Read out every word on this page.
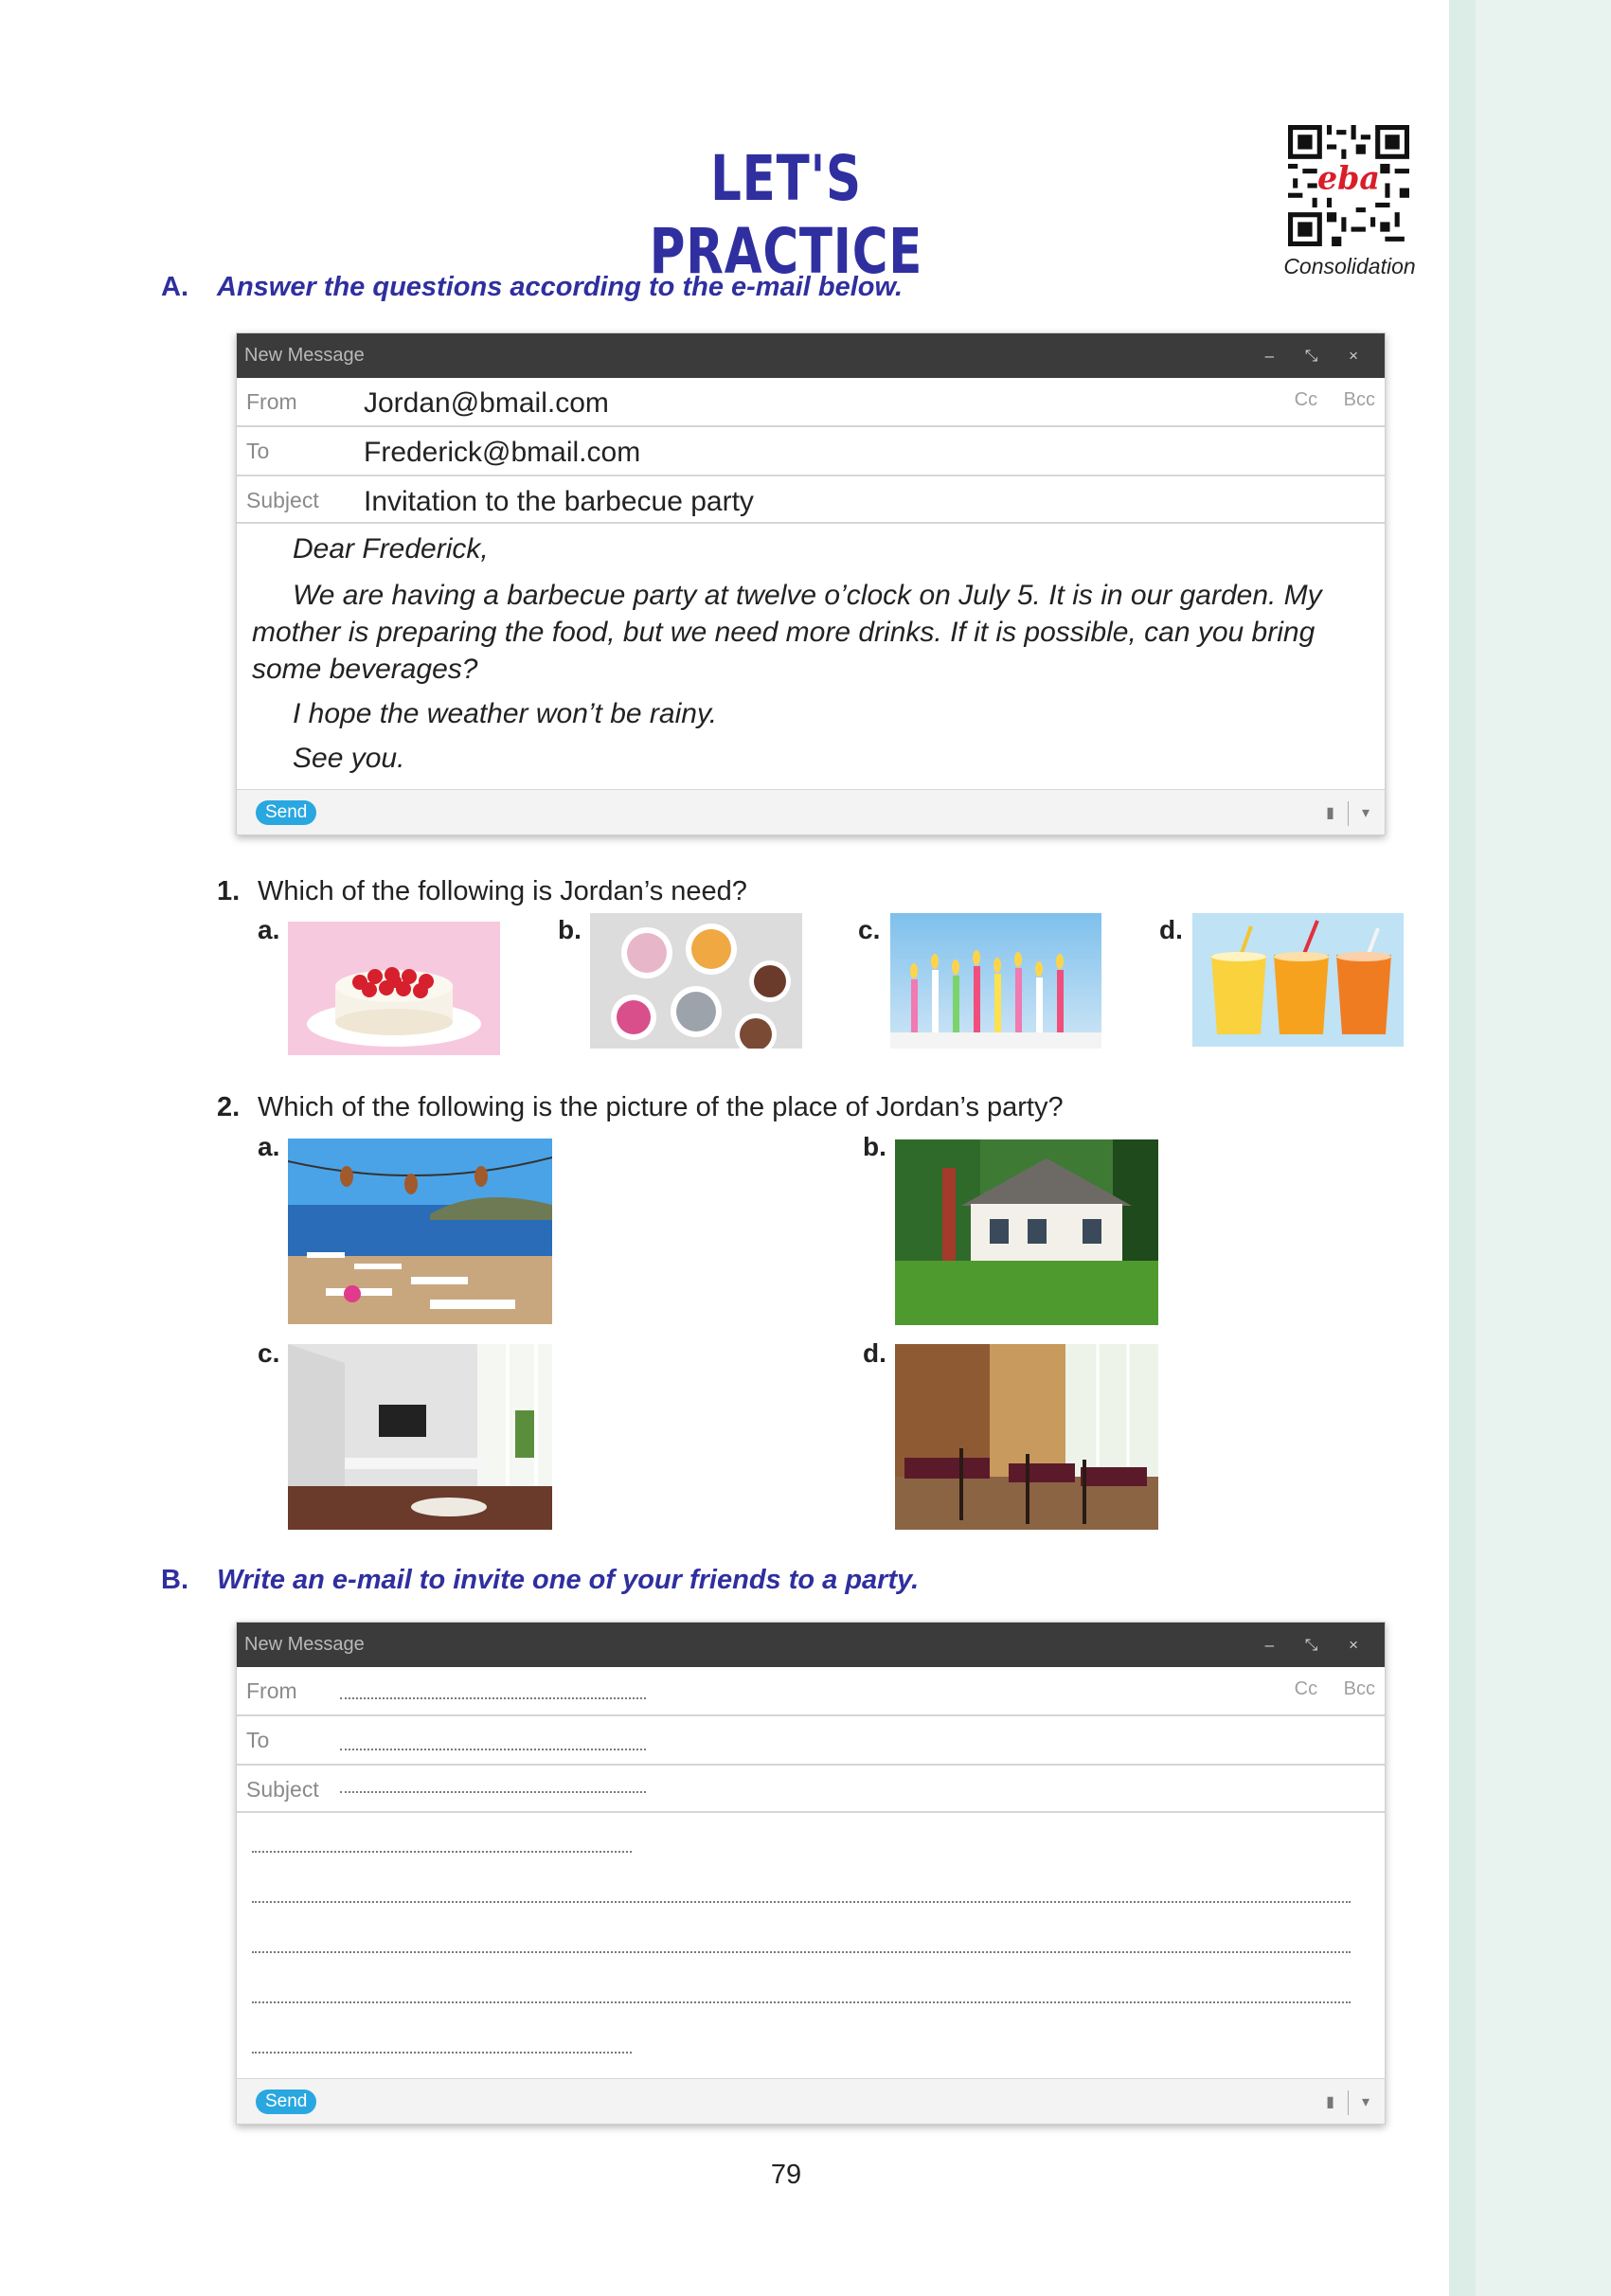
LET'S PRACTICE
eba
Consolidation
A. Answer the questions according to the e-mail below.
New Message	– ⤡ ×
From Jordan@bmail.com	Cc Bcc
To	Frederick@bmail.com
Subject Invitation to the barbecue party

Dear Frederick,

We are having a barbecue party at twelve o’clock on July 5. It is in our garden. My

mother is preparing the food, but we need more drinks. If it is possible, can you bring

some beverages?

I hope the weather won’t be rainy.

See you.

Send	▮ ▾
1. Which of the following is Jordan’s need?
a.	b.	c.	d.
2. Which of the following is the picture of the place of Jordan’s party?
a.	b.
c.	d.
B. Write an e-mail to invite one of your friends to a party.
New Message	– ⤡ ×
From	Cc Bcc
To
Subject
Send	▮ ▾
79
